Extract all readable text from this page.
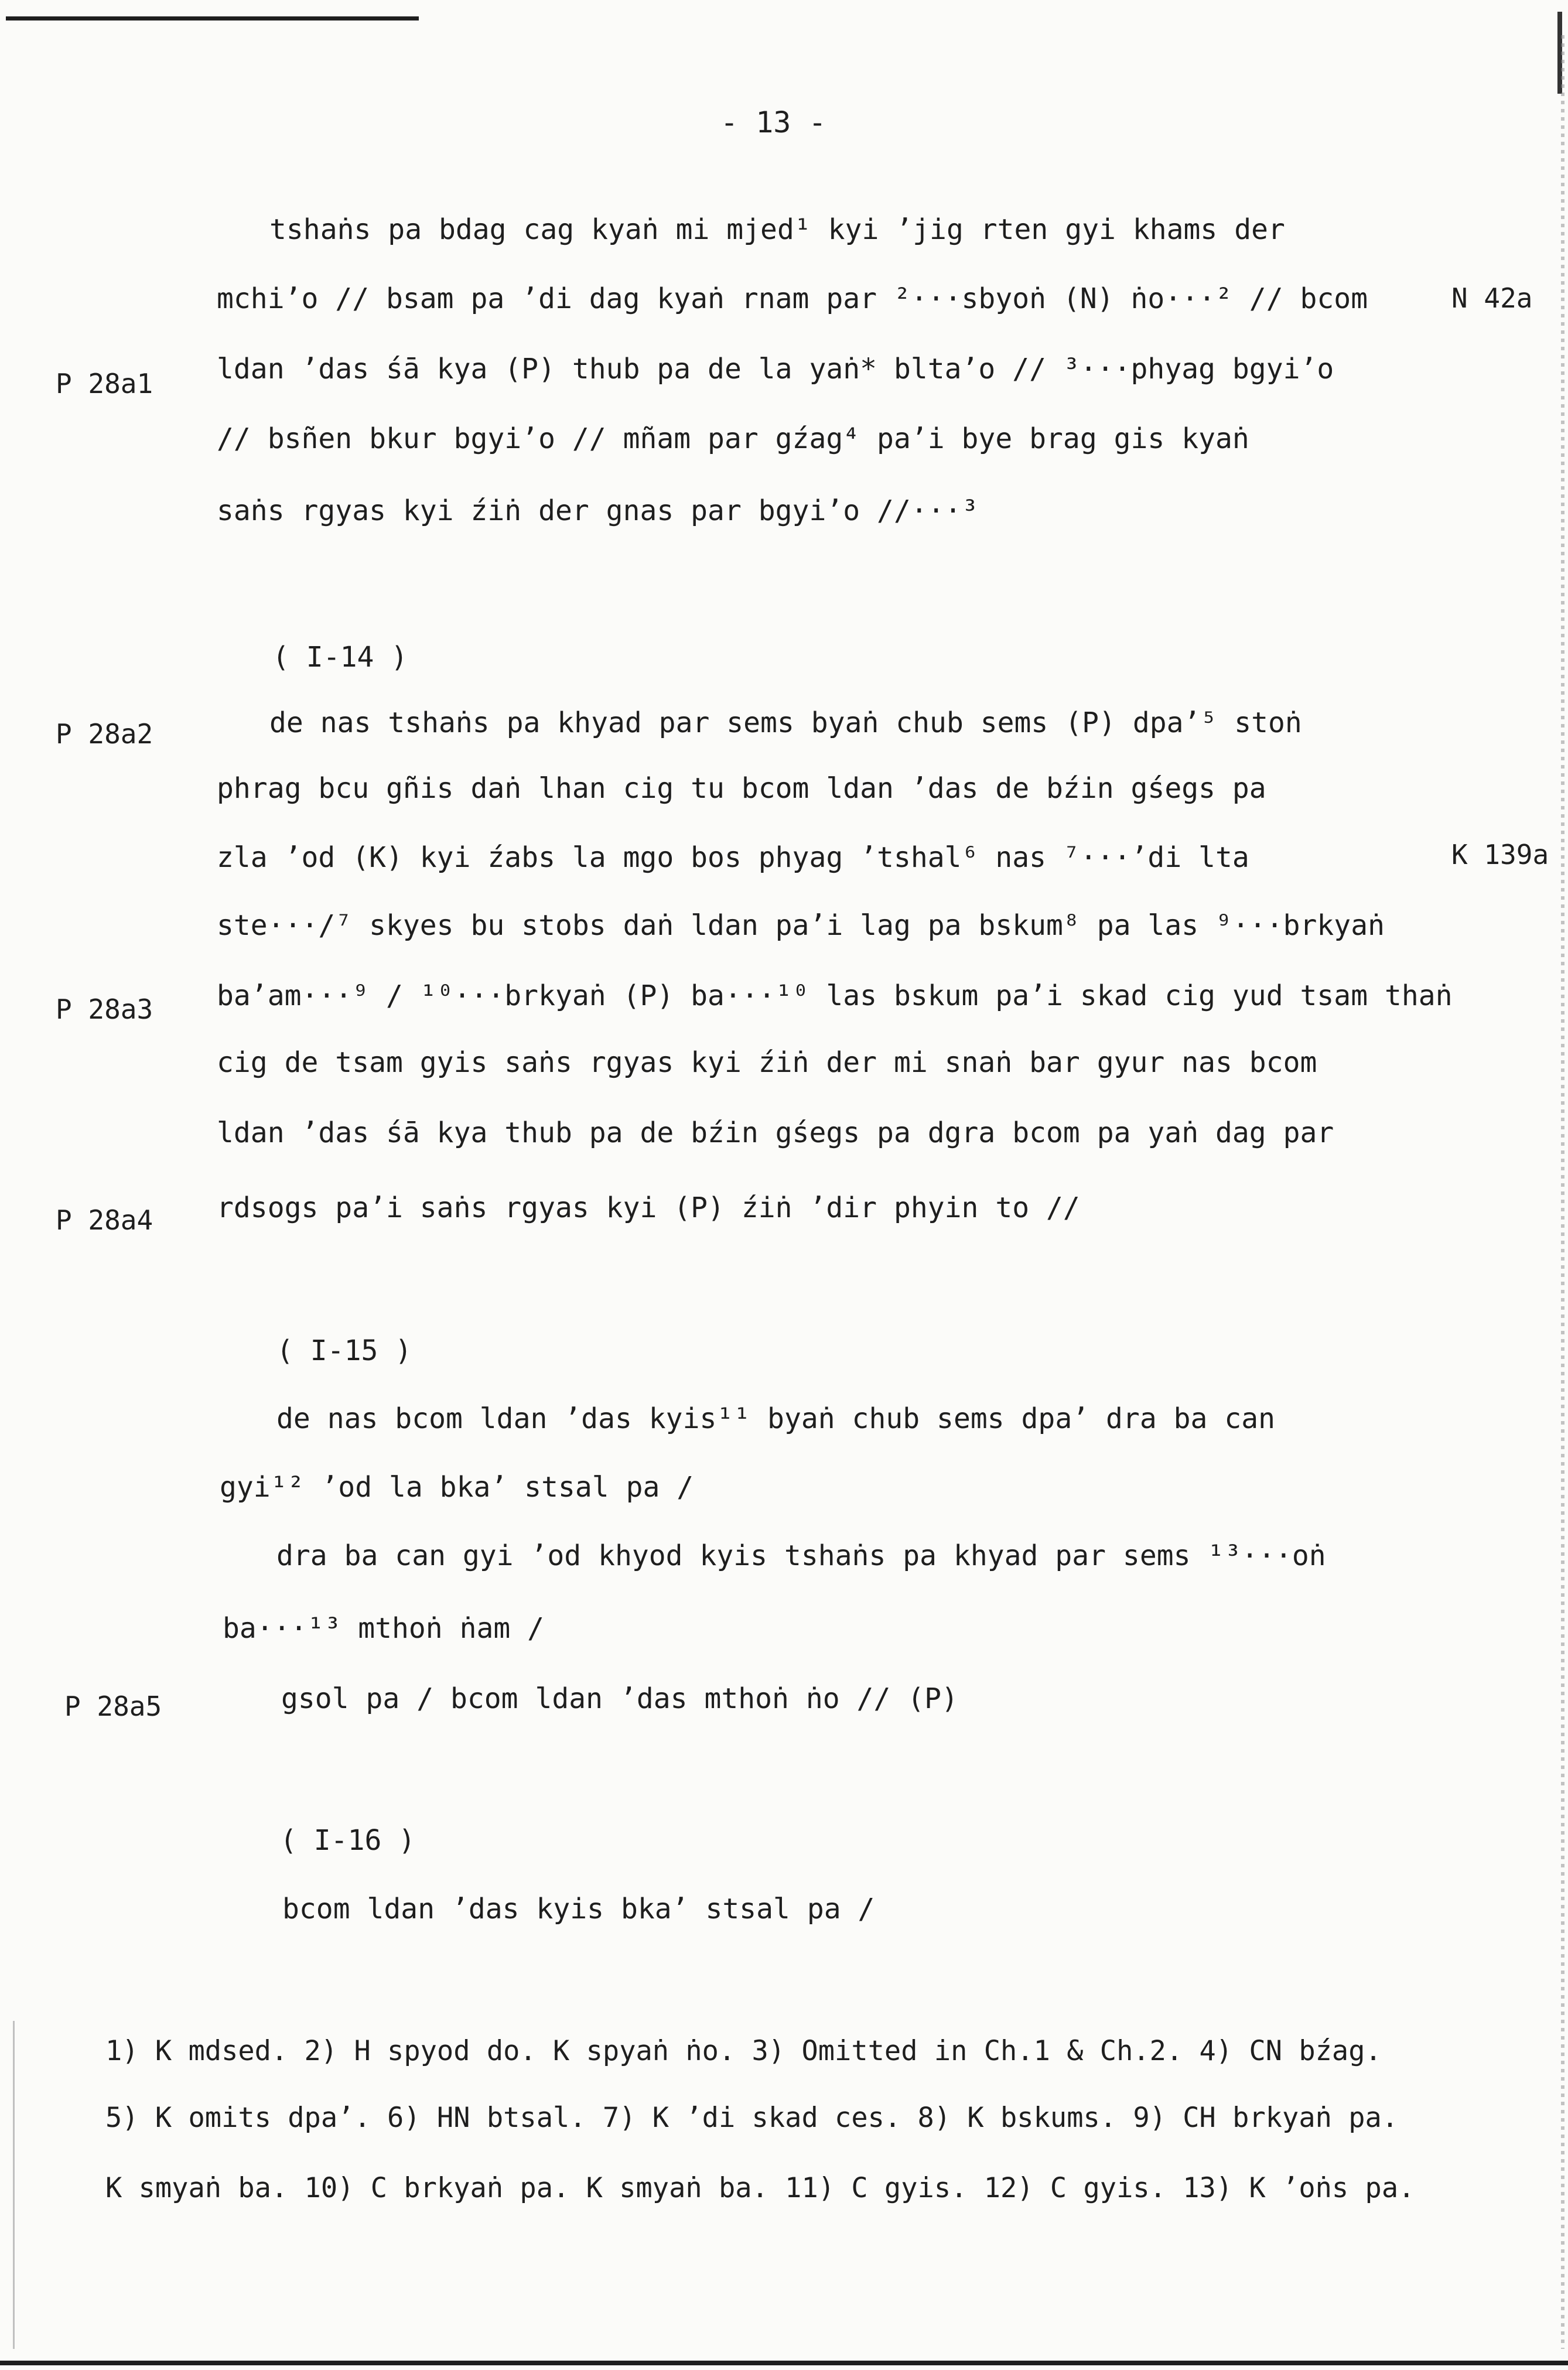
- 13 -
tshaṅs pa bdag cag kyaṅ mi mjed¹ kyi ʼjig rten gyi khams der
mchiʼo // bsam pa ʼdi dag kyaṅ rnam par ²···sbyoṅ (N) ṅo···² // bcom
ldan ʼdas śā kya (P) thub pa de la yaṅ* bltaʼo // ³···phyag bgyiʼo
// bsñen bkur bgyiʼo // mñam par gźag⁴ paʼi bye brag gis kyaṅ
saṅs rgyas kyi źiṅ der gnas par bgyiʼo //···³
( I-14 )
de nas tshaṅs pa khyad par sems byaṅ chub sems (P) dpaʼ⁵ stoṅ
phrag bcu gñis daṅ lhan cig tu bcom ldan ʼdas de bźin gśegs pa
zla ʼod (K) kyi źabs la mgo bos phyag ʼtshal⁶ nas ⁷···ʼdi lta
ste···/⁷ skyes bu stobs daṅ ldan paʼi lag pa bskum⁸ pa las ⁹···brkyaṅ
baʼam···⁹ / ¹⁰···brkyaṅ (P) ba···¹⁰ las bskum paʼi skad cig yud tsam thaṅ
cig de tsam gyis saṅs rgyas kyi źiṅ der mi snaṅ bar gyur nas bcom
ldan ʼdas śā kya thub pa de bźin gśegs pa dgra bcom pa yaṅ dag par
rdsogs paʼi saṅs rgyas kyi (P) źiṅ ʼdir phyin to //
( I-15 )
de nas bcom ldan ʼdas kyis¹¹ byaṅ chub sems dpaʼ dra ba can
gyi¹² ʼod la bkaʼ stsal pa /
dra ba can gyi ʼod khyod kyis tshaṅs pa khyad par sems ¹³···oṅ
ba···¹³ mthoṅ ṅam /
gsol pa / bcom ldan ʼdas mthoṅ ṅo // (P)
( I-16 )
bcom ldan ʼdas kyis bkaʼ stsal pa /
P 28a1
P 28a2
P 28a3
P 28a4
P 28a5
N 42a
K 139a
1) K mdsed. 2) H spyod do. K spyaṅ ṅo. 3) Omitted in Ch.1 & Ch.2. 4) CN bźag.
5) K omits dpaʼ. 6) HN btsal. 7) K ʼdi skad ces. 8) K bskums. 9) CH brkyaṅ pa.
K smyaṅ ba. 10) C brkyaṅ pa. K smyaṅ ba. 11) C gyis. 12) C gyis. 13) K ʼoṅs pa.
